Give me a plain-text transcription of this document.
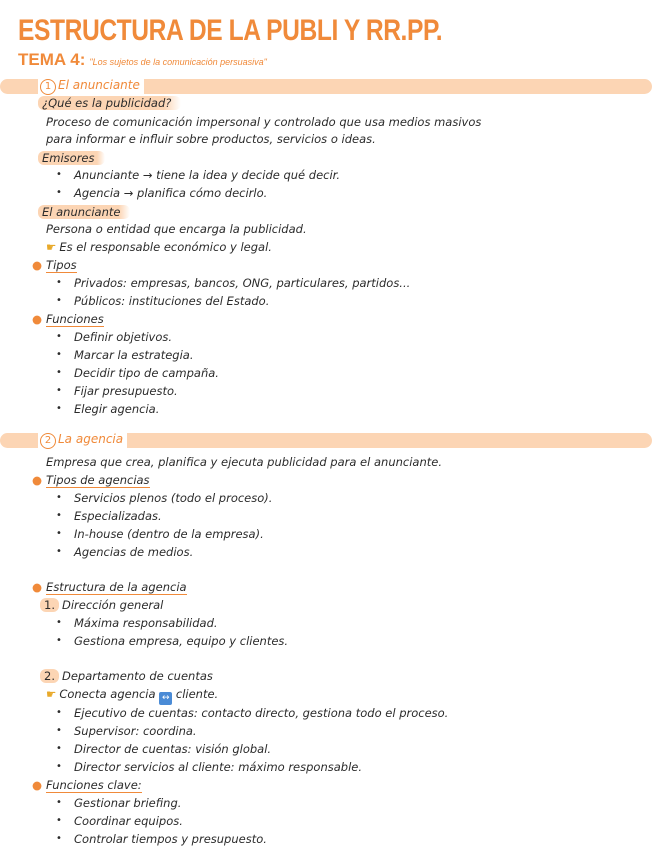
ESTRUCTURA DE LA PUBLI Y RR.PP.
TEMA 4: "Los sujetos de la comunicación persuasiva"
1 El anunciante
¿Qué es la publicidad?
Proceso de comunicación impersonal y controlado que usa medios masivos
para informar e influir sobre productos, servicios o ideas.
Emisores
• Anunciante → tiene la idea y decide qué decir.
• Agencia → planifica cómo decirlo.
El anunciante
Persona o entidad que encarga la publicidad.
☛ Es el responsable económico y legal.
● Tipos
• Privados: empresas, bancos, ONG, particulares, partidos...
• Públicos: instituciones del Estado.
● Funciones
• Definir objetivos.
• Marcar la estrategia.
• Decidir tipo de campaña.
• Fijar presupuesto.
• Elegir agencia.
2 La agencia
Empresa que crea, planifica y ejecuta publicidad para el anunciante.
● Tipos de agencias
• Servicios plenos (todo el proceso).
• Especializadas.
• In-house (dentro de la empresa).
• Agencias de medios.
● Estructura de la agencia
1. Dirección general
• Máxima responsabilidad.
• Gestiona empresa, equipo y clientes.
2. Departamento de cuentas
☛ Conecta agencia ↔ cliente.
• Ejecutivo de cuentas: contacto directo, gestiona todo el proceso.
• Supervisor: coordina.
• Director de cuentas: visión global.
• Director servicios al cliente: máximo responsable.
● Funciones clave:
• Gestionar briefing.
• Coordinar equipos.
• Controlar tiempos y presupuesto.
